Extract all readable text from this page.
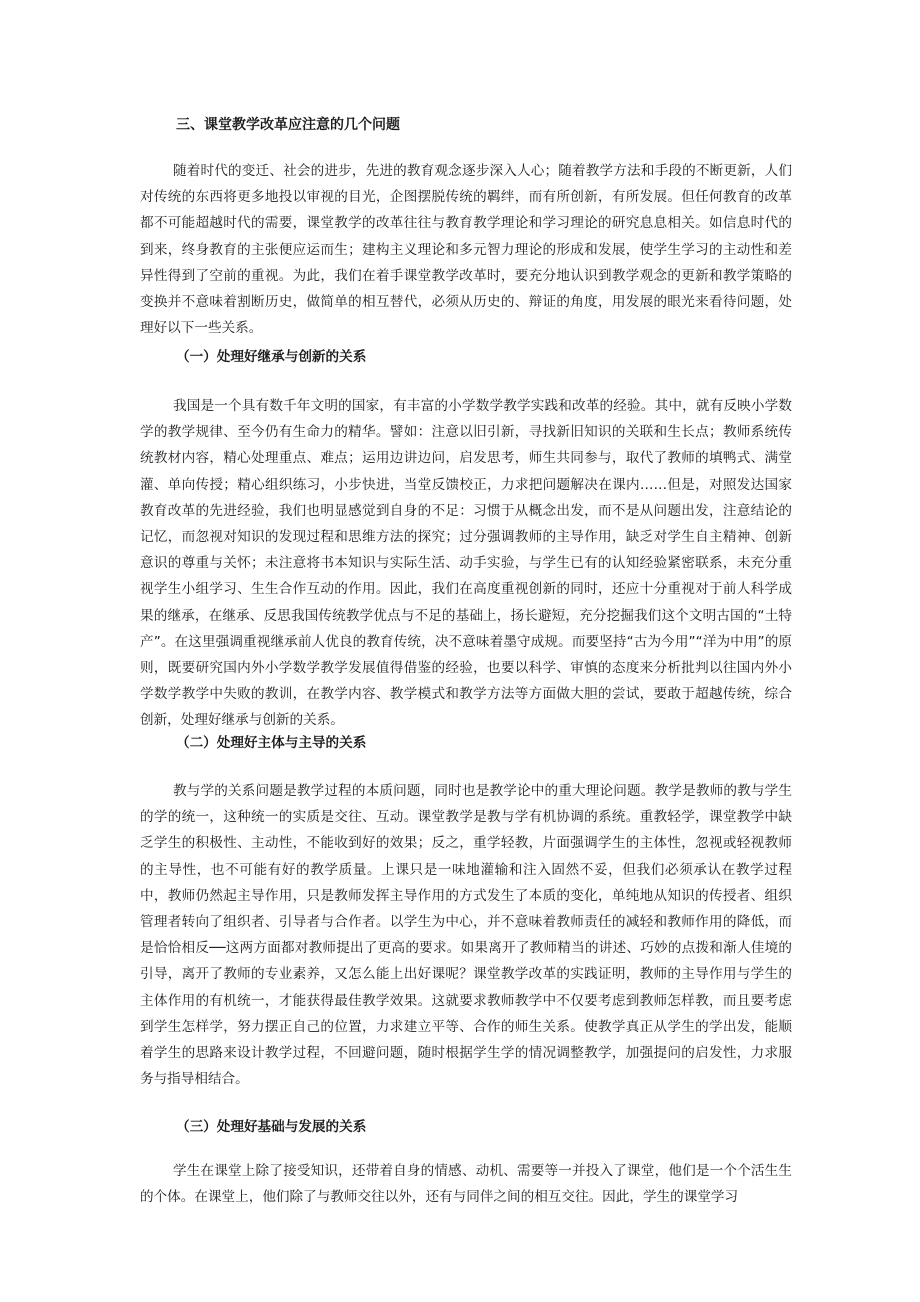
三、课堂教学改革应注意的几个问题

随着时代的变迁、社会的进步，先进的教育观念逐步深入人心；随着教学方法和手段的不断更新，人们对传统的东西将更多地投以审视的目光，企图摆脱传统的羁绊，而有所创新，有所发展。但任何教育的改革都不可能超越时代的需要，课堂教学的改革往往与教育教学理论和学习理论的研究息息相关。如信息时代的到来，终身教育的主张便应运而生；建构主义理论和多元智力理论的形成和发展，使学生学习的主动性和差异性得到了空前的重视。为此，我们在着手课堂教学改革时，要充分地认识到教学观念的更新和教学策略的变换并不意味着割断历史，做简单的相互替代，必须从历史的、辩证的角度，用发展的眼光来看待问题，处理好以下一些关系。

（一）处理好继承与创新的关系

我国是一个具有数千年文明的国家，有丰富的小学数学教学实践和改革的经验。其中，就有反映小学数学的教学规律、至今仍有生命力的精华。譬如：注意以旧引新，寻找新旧知识的关联和生长点；教师系统传统教材内容，精心处理重点、难点；运用边讲边问，启发思考，师生共同参与，取代了教师的填鸭式、满堂灌、单向传授；精心组织练习，小步快进，当堂反馈校正，力求把问题解决在课内……但是，对照发达国家教育改革的先进经验，我们也明显感觉到自身的不足：习惯于从概念出发，而不是从问题出发，注意结论的记忆，而忽视对知识的发现过程和思维方法的探究；过分强调教师的主导作用，缺乏对学生自主精神、创新意识的尊重与关怀；未注意将书本知识与实际生活、动手实验，与学生已有的认知经验紧密联系，未充分重视学生小组学习、生生合作互动的作用。因此，我们在高度重视创新的同时，还应十分重视对于前人科学成果的继承，在继承、反思我国传统教学优点与不足的基础上，扬长避短，充分挖掘我们这个文明古国的“土特产”。在这里强调重视继承前人优良的教育传统，决不意味着墨守成规。而要坚持“古为今用”“洋为中用”的原则，既要研究国内外小学数学教学发展值得借鉴的经验，也要以科学、审慎的态度来分析批判以往国内外小学数学教学中失败的教训，在教学内容、教学模式和教学方法等方面做大胆的尝试，要敢于超越传统，综合创新，处理好继承与创新的关系。

（二）处理好主体与主导的关系

教与学的关系问题是教学过程的本质问题，同时也是教学论中的重大理论问题。教学是教师的教与学生的学的统一，这种统一的实质是交往、互动。课堂教学是教与学有机协调的系统。重教轻学，课堂教学中缺乏学生的积极性、主动性，不能收到好的效果；反之，重学轻教，片面强调学生的主体性，忽视或轻视教师的主导性，也不可能有好的教学质量。上课只是一味地灌输和注入固然不妥，但我们必须承认在教学过程中，教师仍然起主导作用，只是教师发挥主导作用的方式发生了本质的变化，单纯地从知识的传授者、组织管理者转向了组织者、引导者与合作者。以学生为中心，并不意味着教师责任的减轻和教师作用的降低，而是恰恰相反──这两方面都对教师提出了更高的要求。如果离开了教师精当的讲述、巧妙的点拨和渐人佳境的引导，离开了教师的专业素养，又怎么能上出好课呢？课堂教学改革的实践证明，教师的主导作用与学生的主体作用的有机统一，才能获得最佳教学效果。这就要求教师教学中不仅要考虑到教师怎样教，而且要考虑到学生怎样学，努力摆正自己的位置，力求建立平等、合作的师生关系。使教学真正从学生的学出发，能顺着学生的思路来设计教学过程，不回避问题，随时根据学生学的情况调整教学，加强提问的启发性，力求服务与指导相结合。

（三）处理好基础与发展的关系

学生在课堂上除了接受知识，还带着自身的情感、动机、需要等一并投入了课堂，他们是一个个活生生的个体。在课堂上，他们除了与教师交往以外，还有与同伴之间的相互交往。因此，学生的课堂学习
